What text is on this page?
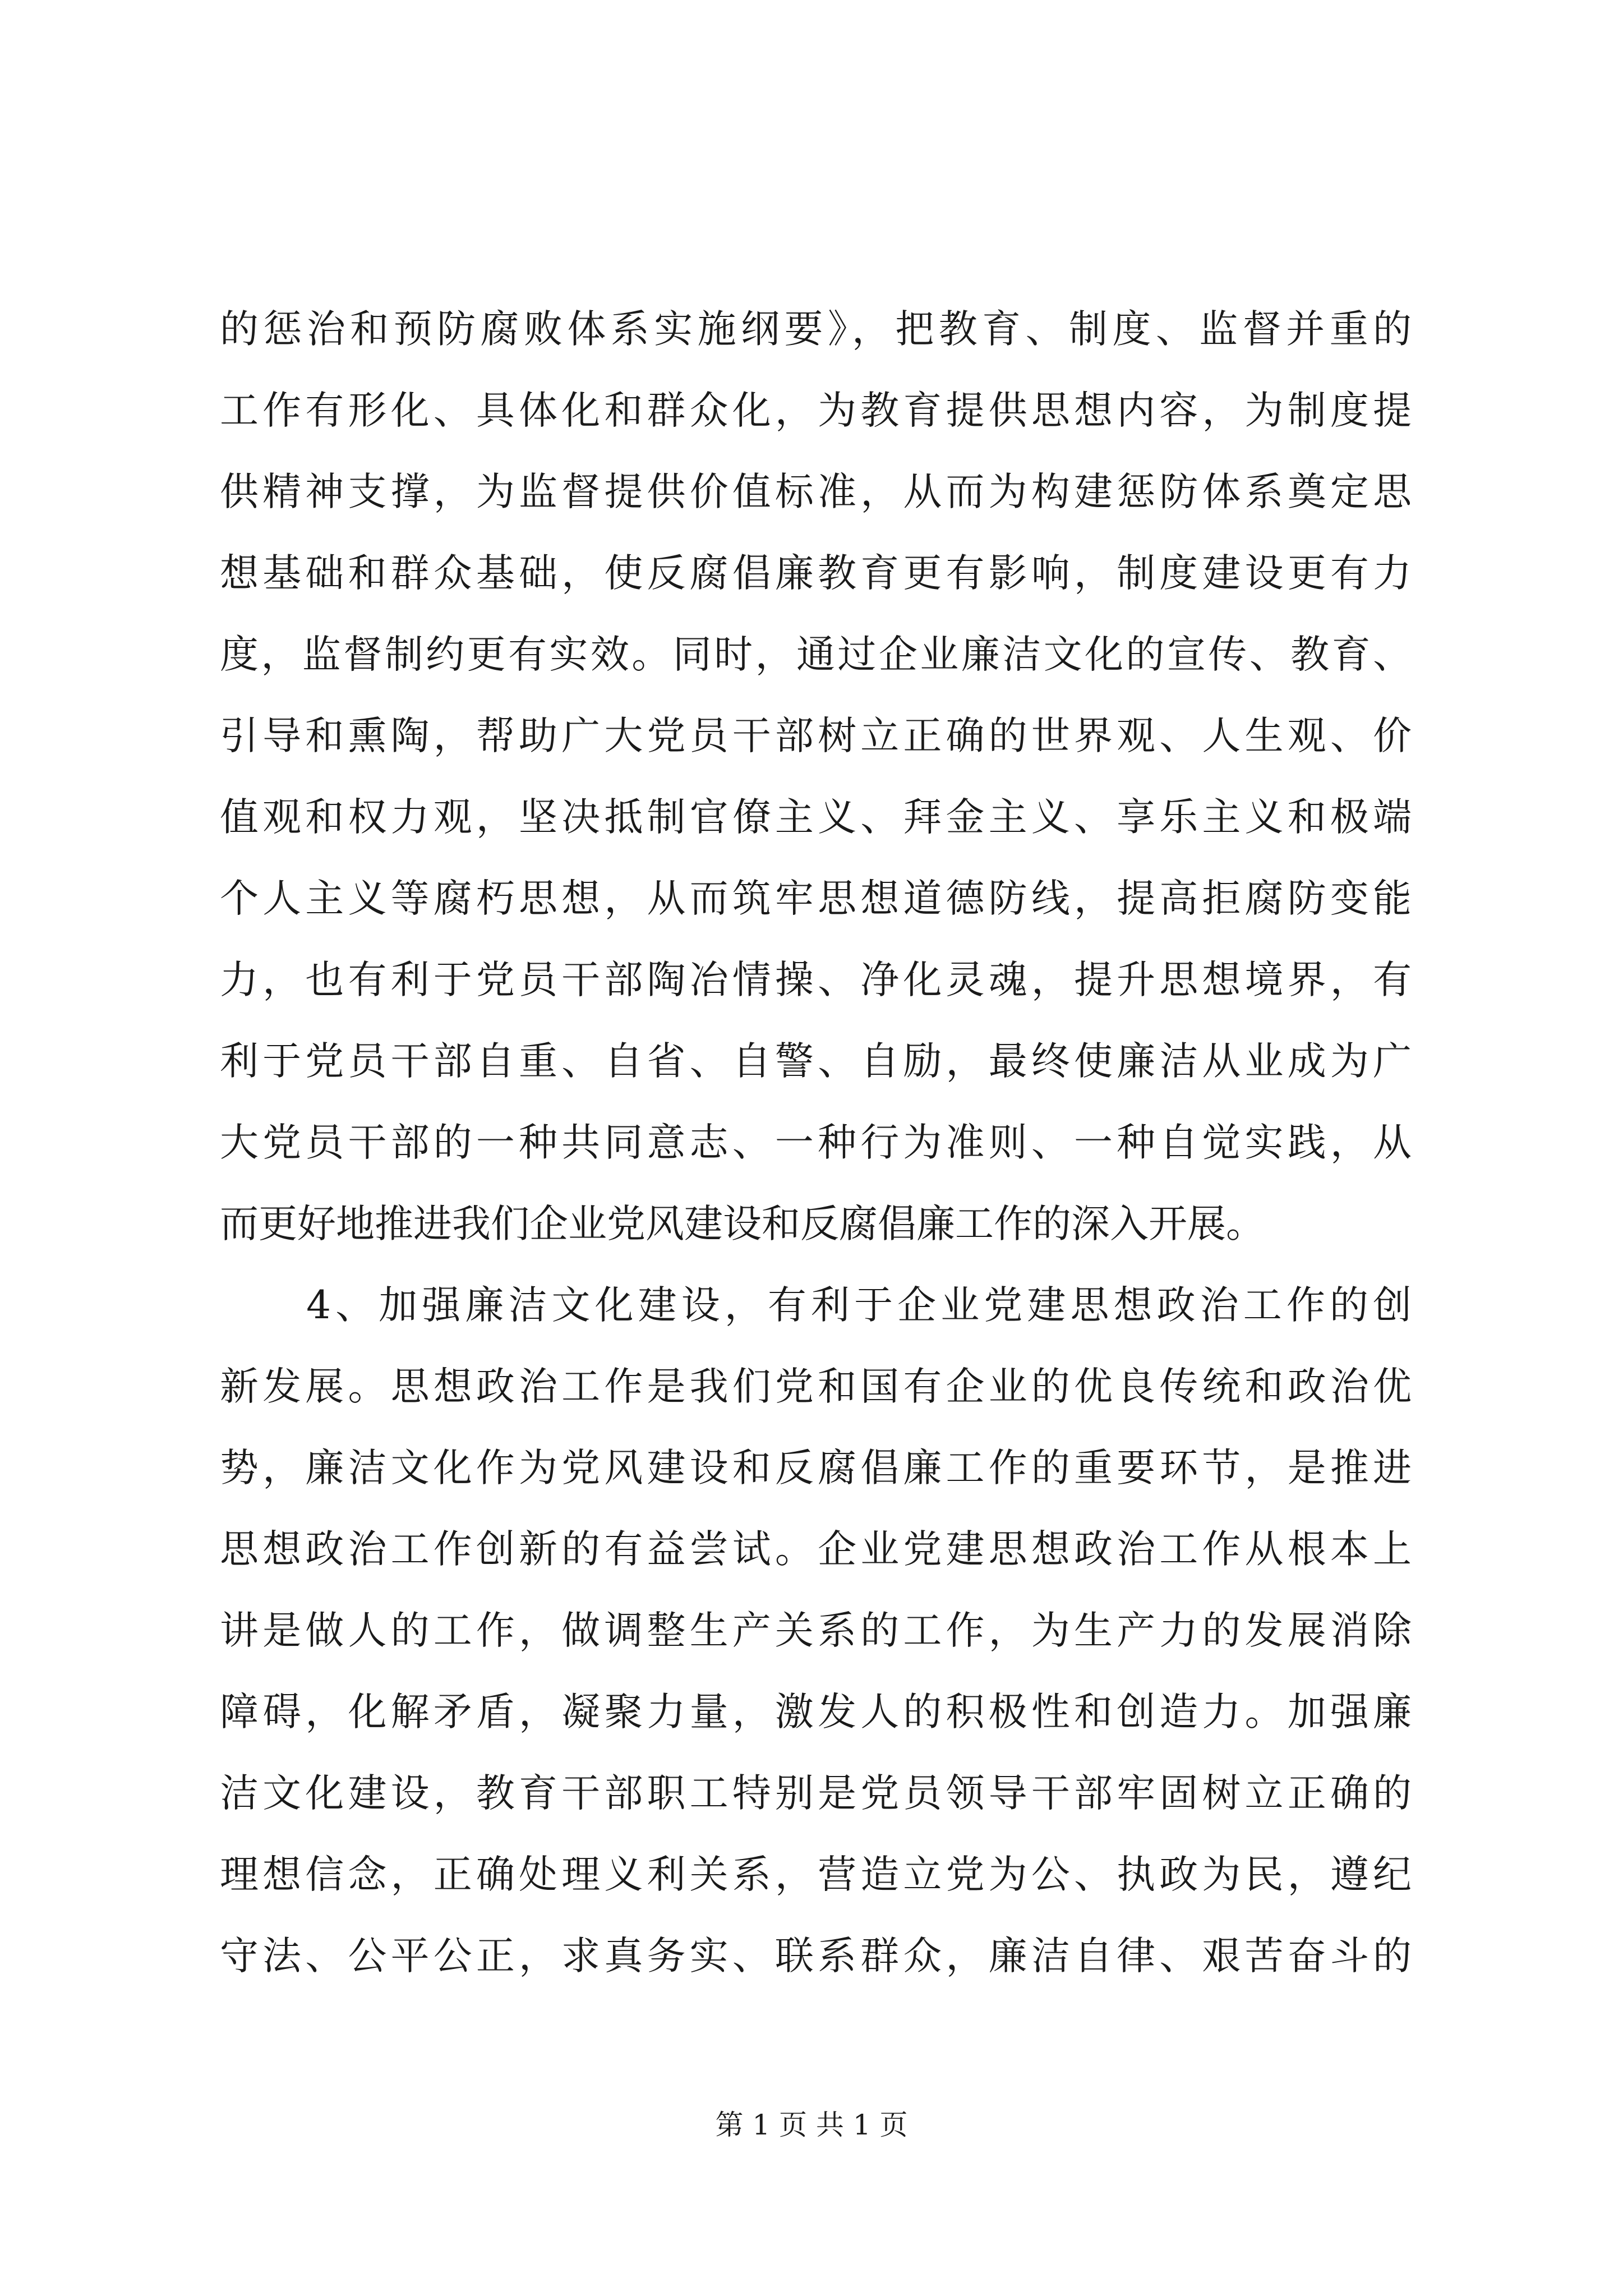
的惩治和预防腐败体系实施纲要》，把教育、制度、监督并重的
工作有形化、具体化和群众化，为教育提供思想内容，为制度提
供精神支撑，为监督提供价值标准，从而为构建惩防体系奠定思
想基础和群众基础，使反腐倡廉教育更有影响，制度建设更有力
度，监督制约更有实效。同时，通过企业廉洁文化的宣传、教育、
引导和熏陶，帮助广大党员干部树立正确的世界观、人生观、价
值观和权力观，坚决抵制官僚主义、拜金主义、享乐主义和极端
个人主义等腐朽思想，从而筑牢思想道德防线，提高拒腐防变能
力，也有利于党员干部陶冶情操、净化灵魂，提升思想境界，有
利于党员干部自重、自省、自警、自励，最终使廉洁从业成为广
大党员干部的一种共同意志、一种行为准则、一种自觉实践，从
而更好地推进我们企业党风建设和反腐倡廉工作的深入开展。
　　4、加强廉洁文化建设，有利于企业党建思想政治工作的创
新发展。思想政治工作是我们党和国有企业的优良传统和政治优
势，廉洁文化作为党风建设和反腐倡廉工作的重要环节，是推进
思想政治工作创新的有益尝试。企业党建思想政治工作从根本上
讲是做人的工作，做调整生产关系的工作，为生产力的发展消除
障碍，化解矛盾，凝聚力量，激发人的积极性和创造力。加强廉
洁文化建设，教育干部职工特别是党员领导干部牢固树立正确的
理想信念，正确处理义利关系，营造立党为公、执政为民，遵纪
守法、公平公正，求真务实、联系群众，廉洁自律、艰苦奋斗的
第 1 页 共 1 页
